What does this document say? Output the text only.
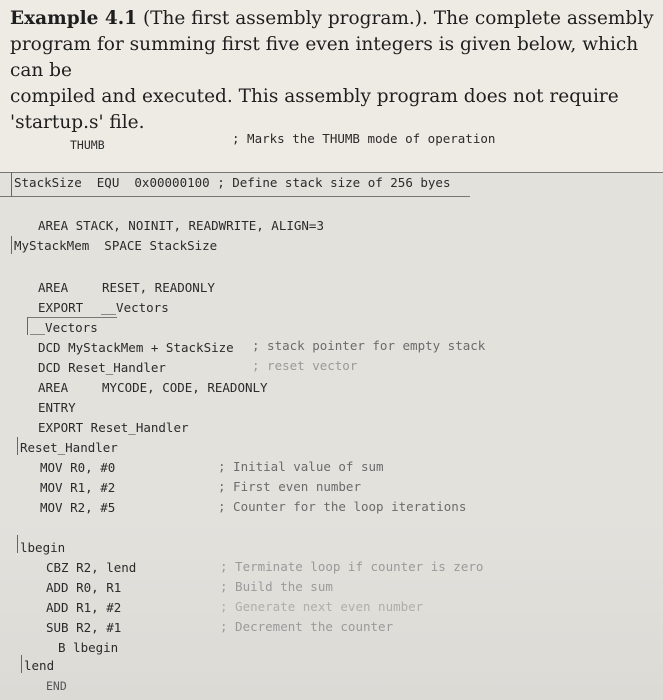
Example 4.1 (The first assembly program.). The complete assembly
program for summing first five even integers is given below, which can be
compiled and executed. This assembly program does not require
'startup.s' file.
THUMB	; Marks the THUMB mode of operation
StackSize  EQU  0x00000100 ; Define stack size of 256 byes
AREA STACK, NOINIT, READWRITE, ALIGN=3
MyStackMem  SPACE StackSize
AREA	RESET, READONLY
EXPORT __Vectors
__Vectors
DCD MyStackMem + StackSize ; stack pointer for empty stack
DCD Reset_Handler	; reset vector
AREA	MYCODE, CODE, READONLY
ENTRY
EXPORT Reset_Handler
Reset_Handler
MOV R0, #0	; Initial value of sum
MOV R1, #2	; First even number
MOV R2, #5	; Counter for the loop iterations
lbegin
CBZ R2, lend	; Terminate loop if counter is zero
ADD R0, R1	; Build the sum
ADD R1, #2	; Generate next even number
SUB R2, #1	; Decrement the counter
B lbegin
lend
END
